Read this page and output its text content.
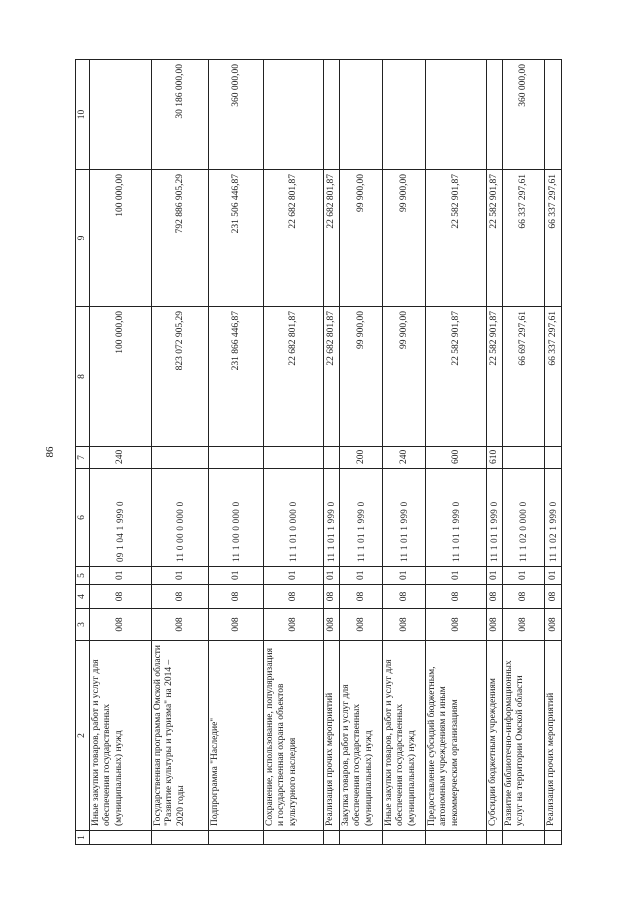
86
1	2	3	4	5	6	7	8	9	10
	Иные закупки товаров, работ и услуг для обеспечения государственных (муниципальных) нужд	008	08	01	09 1 04 1 999 0	240	100 000,00	100 000,00	
	Государственная программа Омской области "Развитие культуры и туризма" на 2014 – 2020 годы	008	08	01	11 0 00 0 000 0		823 072 905,29	792 886 905,29	30 186 000,00
	Подпрограмма "Наследие"	008	08	01	11 1 00 0 000 0		231 866 446,87	231 506 446,87	360 000,00
	Сохранение, использование, популяризация и государственная охрана объектов культурного наследия	008	08	01	11 1 01 0 000 0		22 682 801,87	22 682 801,87	
	Реализация прочих мероприятий	008	08	01	11 1 01 1 999 0		22 682 801,87	22 682 801,87	
	Закупка товаров, работ и услуг для обеспечения государственных (муниципальных) нужд	008	08	01	11 1 01 1 999 0	200	99 900,00	99 900,00	
	Иные закупки товаров, работ и услуг для обеспечения государственных (муниципальных) нужд	008	08	01	11 1 01 1 999 0	240	99 900,00	99 900,00	
	Предоставление субсидий бюджетным, автономным учреждениям и иным некоммерческим организациям	008	08	01	11 1 01 1 999 0	600	22 582 901,87	22 582 901,87	
	Субсидии бюджетным учреждениям	008	08	01	11 1 01 1 999 0	610	22 582 901,87	22 582 901,87	
	Развитие библиотечно-информационных услуг на территории Омской области	008	08	01	11 1 02 0 000 0		66 697 297,61	66 337 297,61	360 000,00
	Реализация прочих мероприятий	008	08	01	11 1 02 1 999 0		66 337 297,61	66 337 297,61	
